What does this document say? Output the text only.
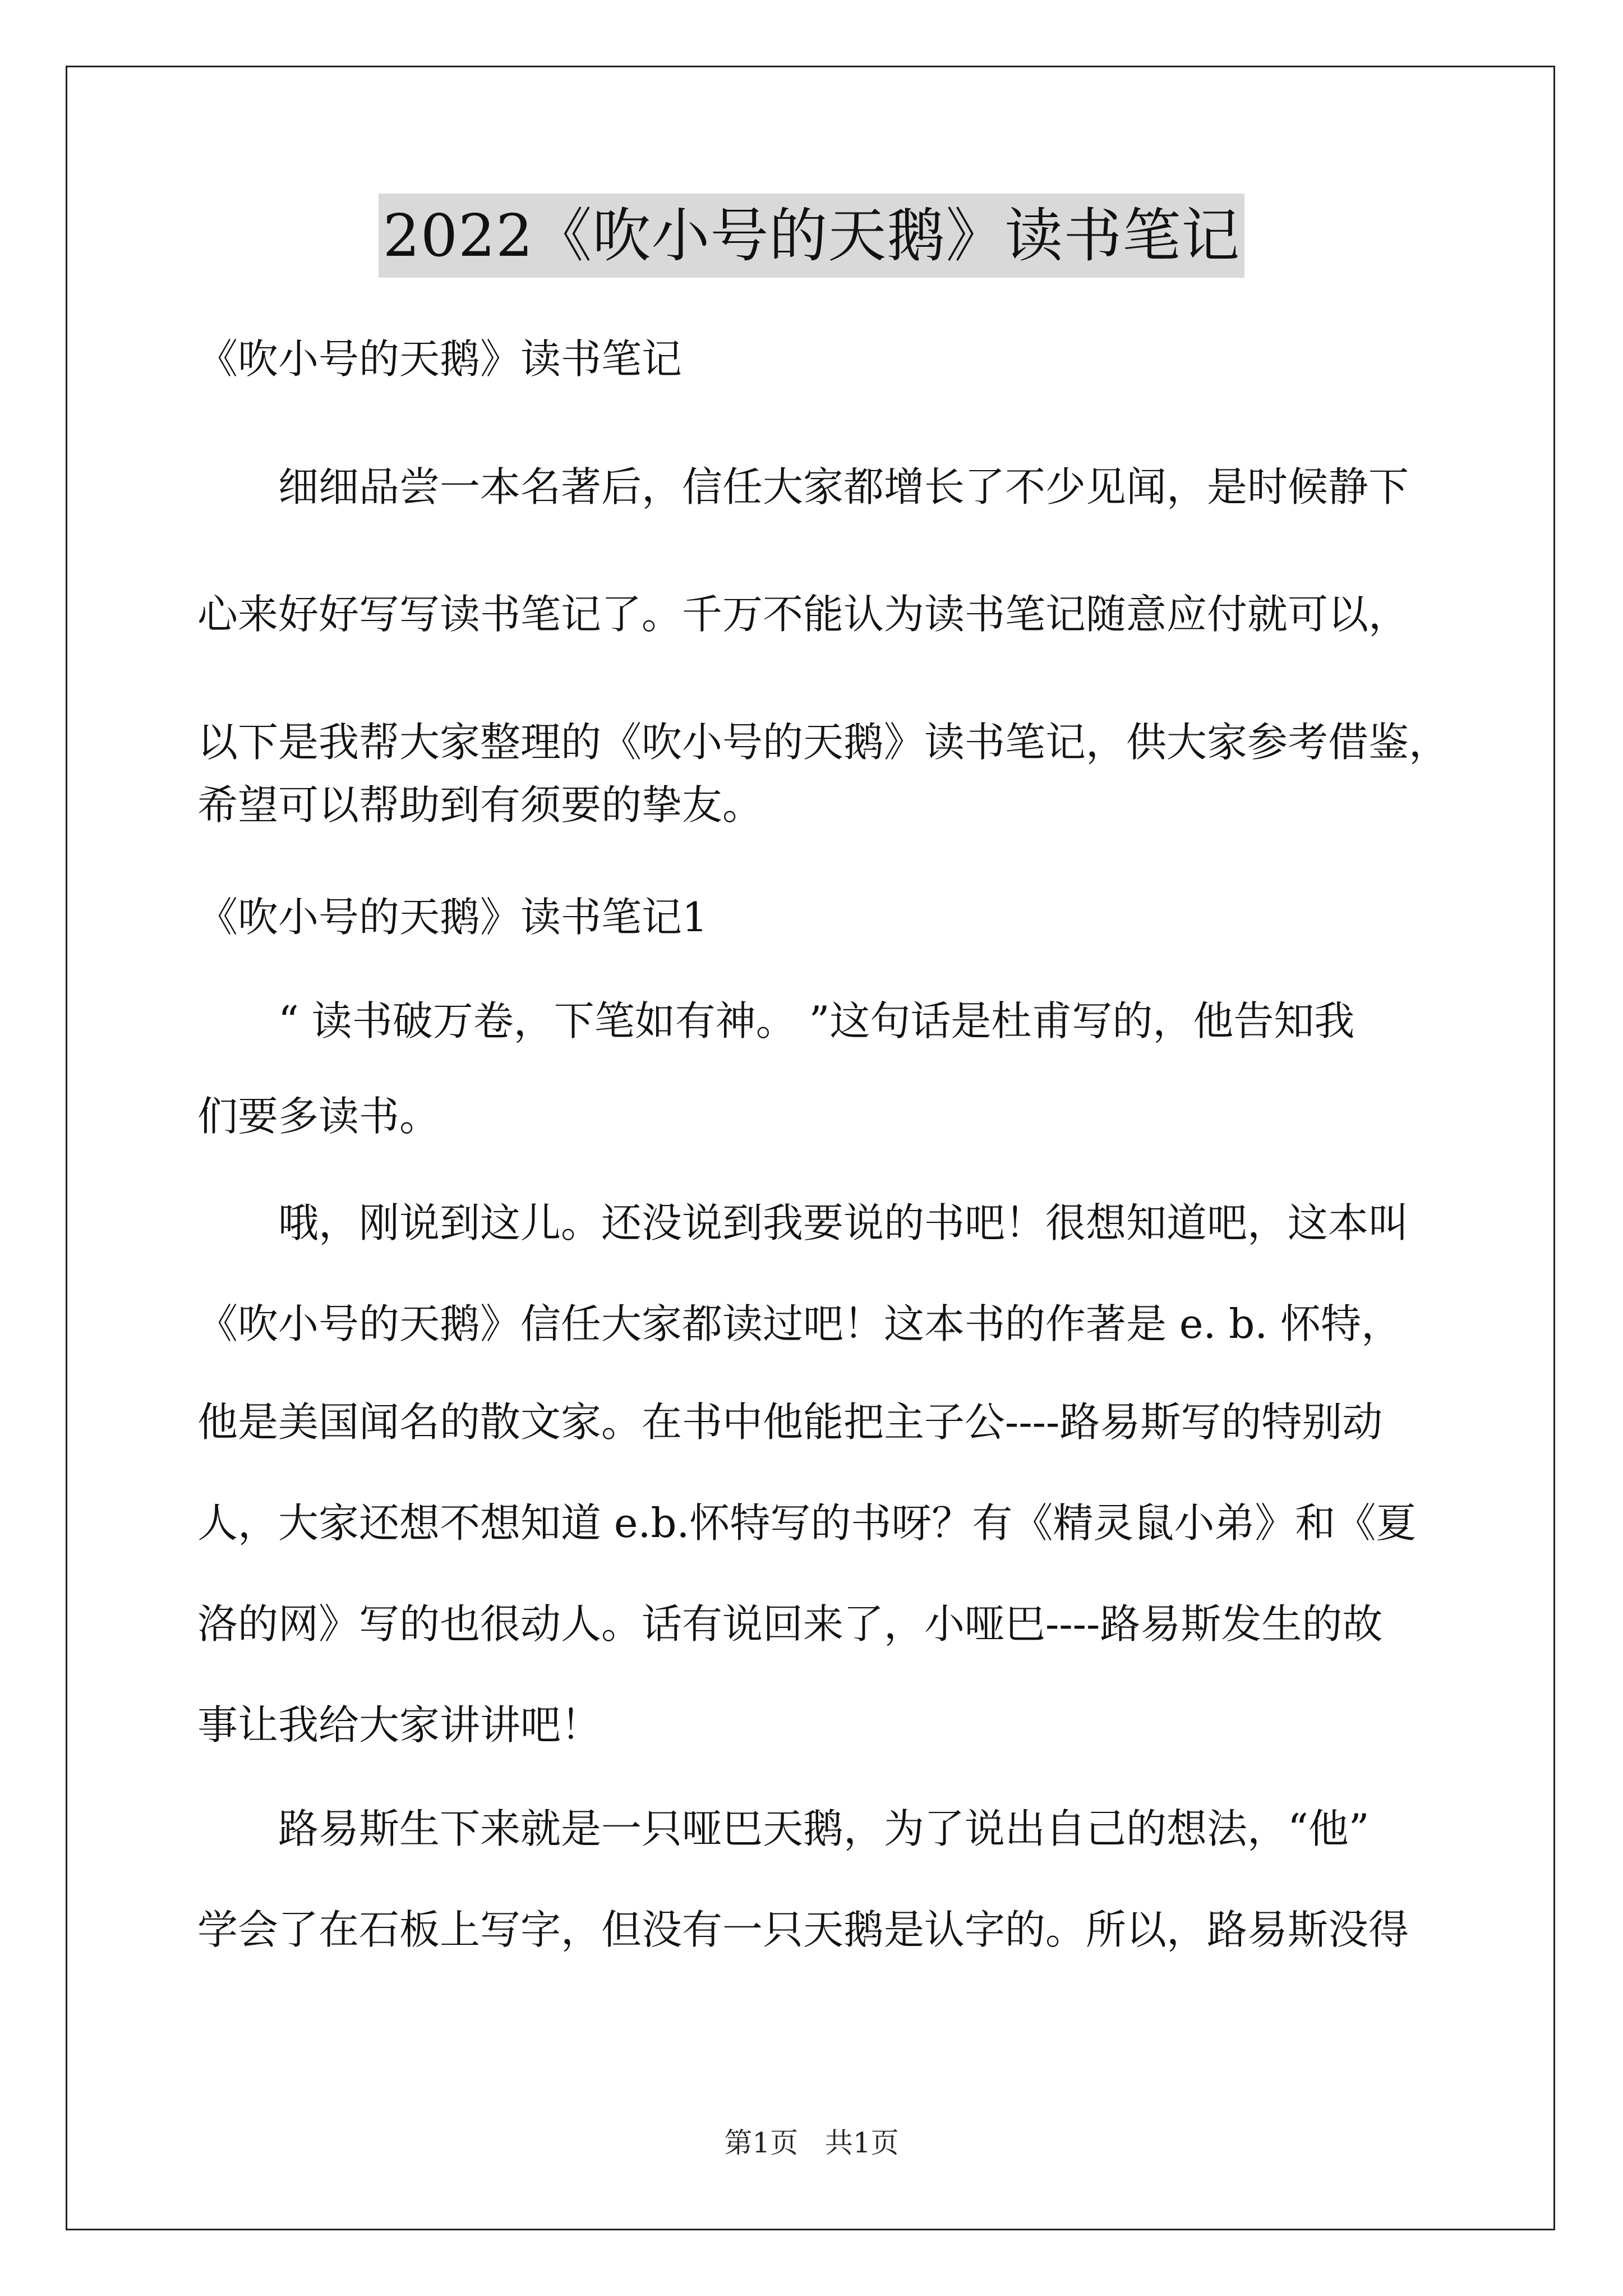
2022《吹小号的天鹅》读书笔记
《吹小号的天鹅》读书笔记
细细品尝一本名著后，信任大家都增长了不少见闻，是时候静下
心来好好写写读书笔记了。千万不能认为读书笔记随意应付就可以，
以下是我帮大家整理的《吹小号的天鹅》读书笔记，供大家参考借鉴，
希望可以帮助到有须要的挚友。
《吹小号的天鹅》读书笔记1
“ 读书破万卷，下笔如有神。 ”这句话是杜甫写的，他告知我
们要多读书。
哦，刚说到这儿。还没说到我要说的书吧！很想知道吧，这本叫
《吹小号的天鹅》信任大家都读过吧！这本书的作著是 e. b. 怀特，
他是美国闻名的散文家。在书中他能把主子公----路易斯写的特别动
人，大家还想不想知道 e.b.怀特写的书呀？有《精灵鼠小弟》和《夏
洛的网》写的也很动人。话有说回来了，小哑巴----路易斯发生的故
事让我给大家讲讲吧！
路易斯生下来就是一只哑巴天鹅，为了说出自己的想法，“他”
学会了在石板上写字，但没有一只天鹅是认字的。所以，路易斯没得
第1页   共1页
